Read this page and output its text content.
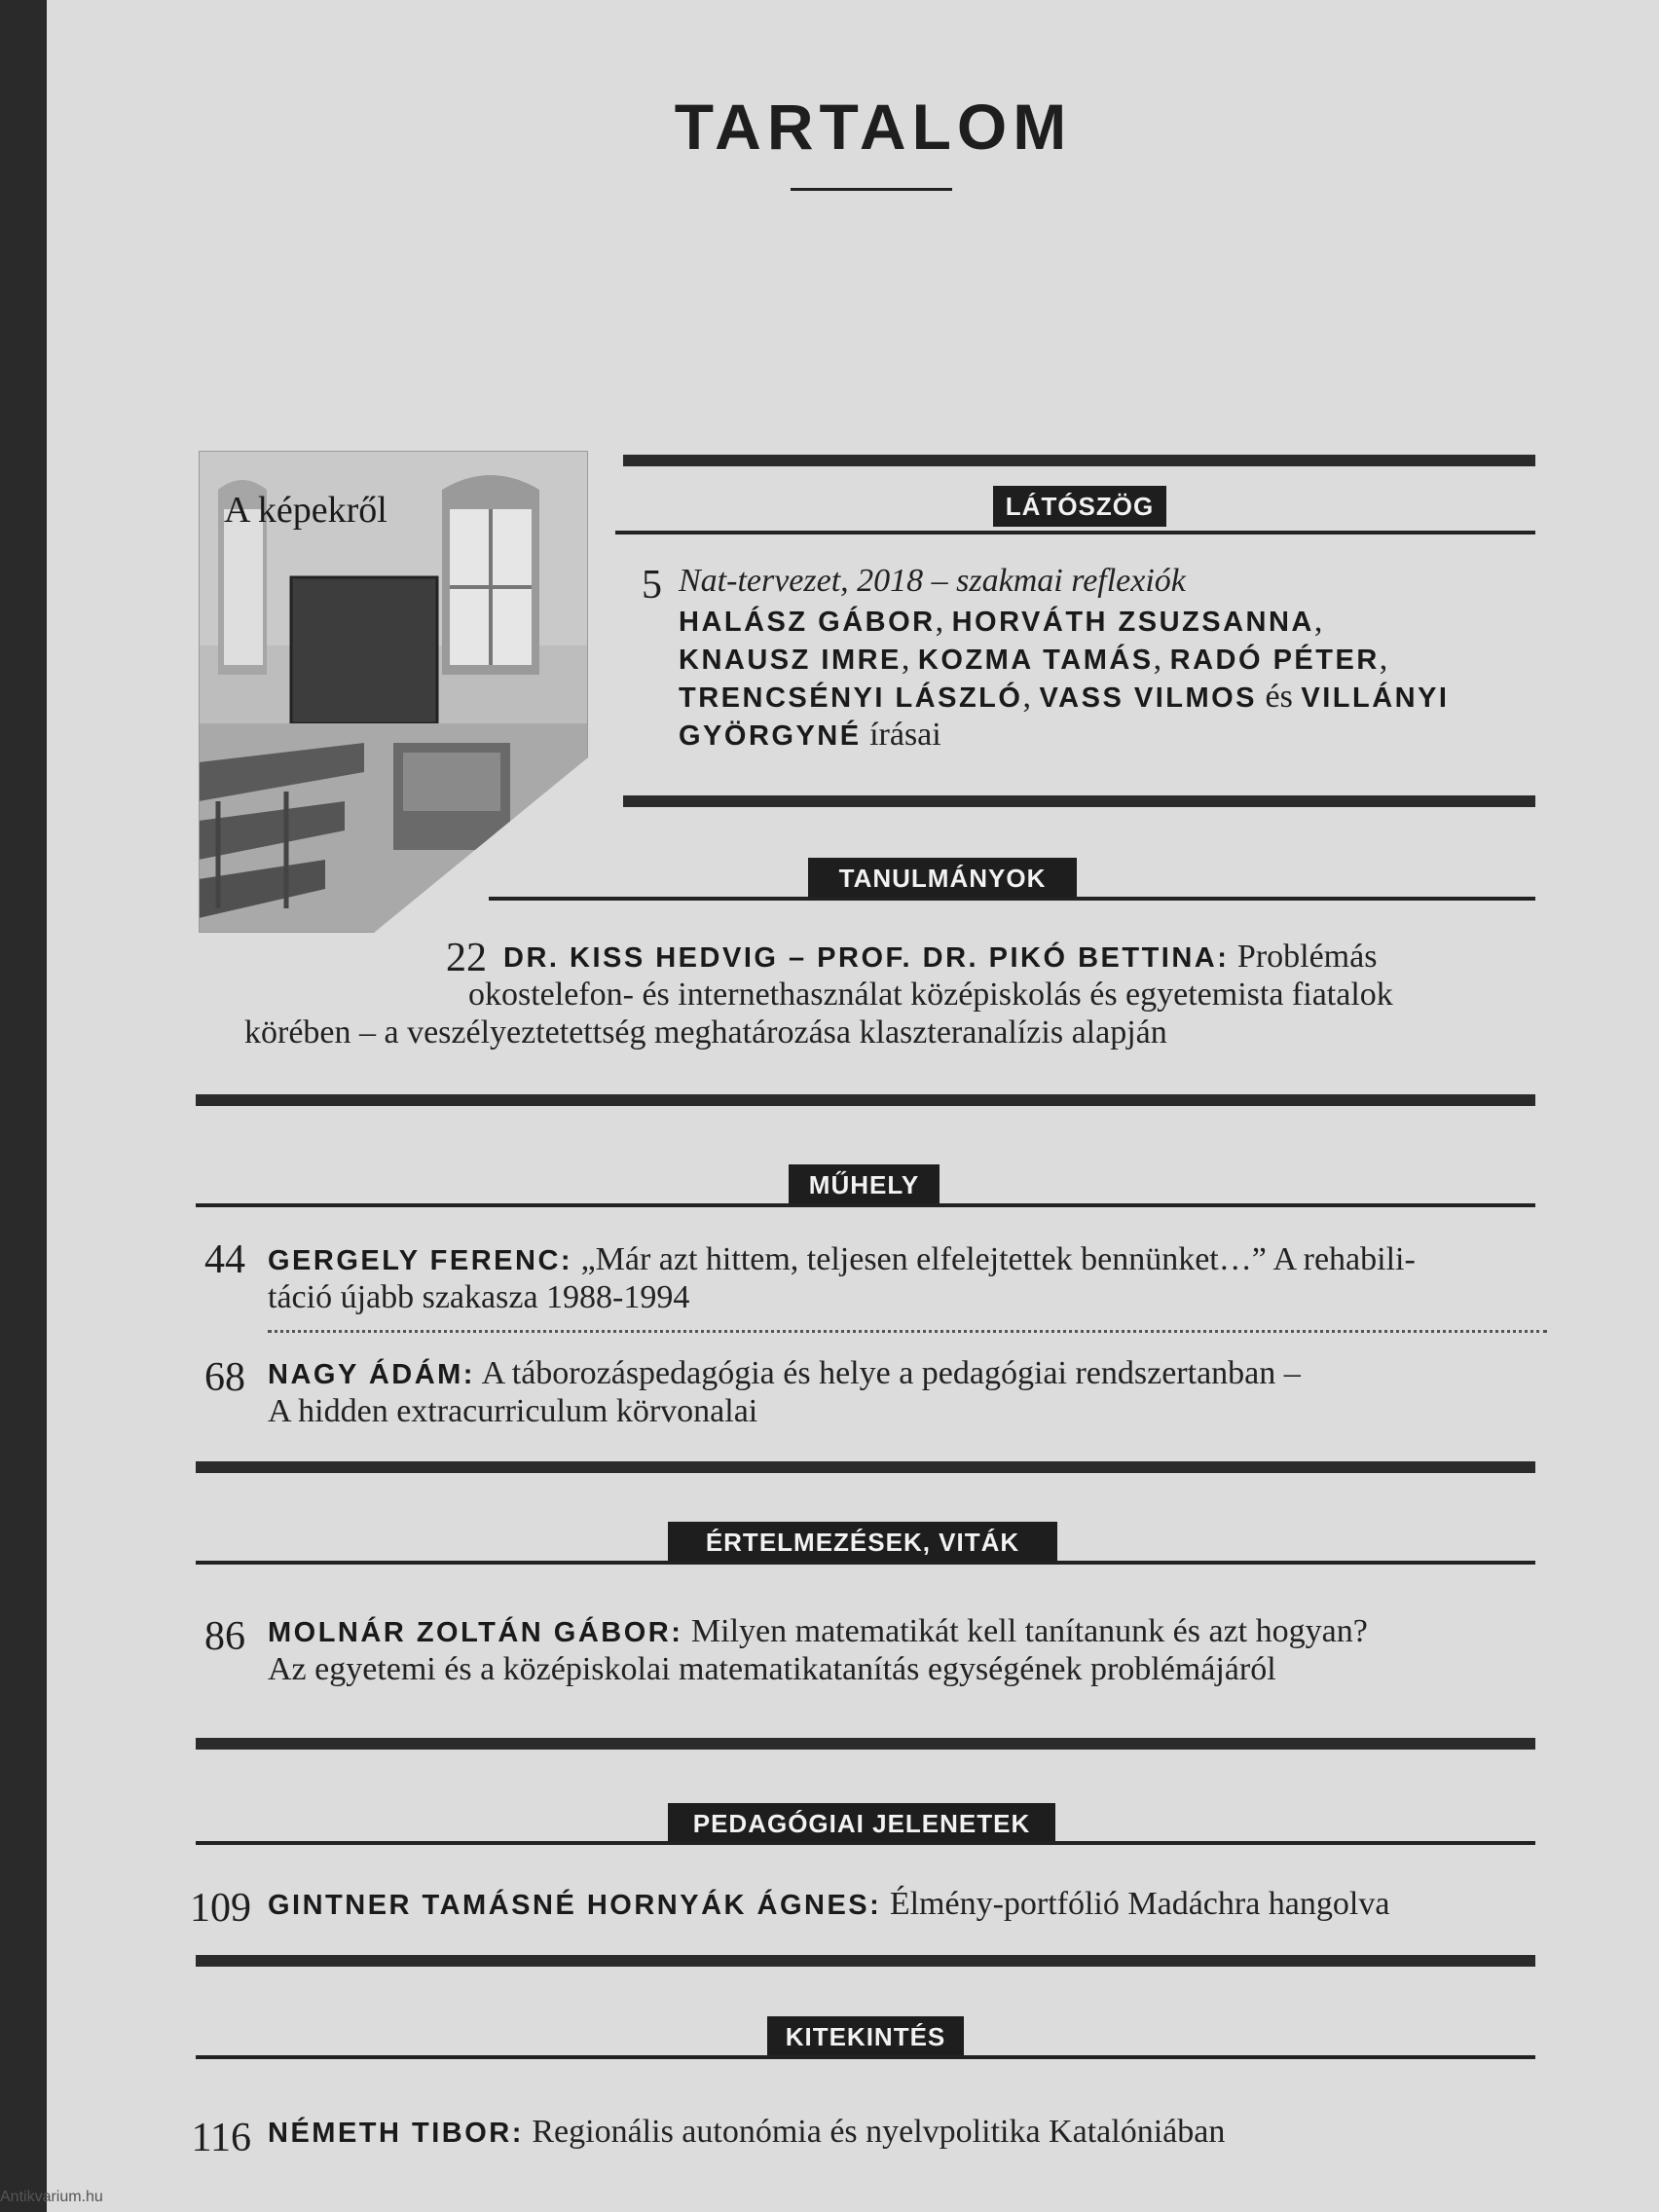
TARTALOM
A képekről	LÁTÓSZÖG
5 Nat-tervezet, 2018 – szakmai reflexiók
HALÁSZ GÁBOR, HORVÁTH ZSUZSANNA,
KNAUSZ IMRE, KOZMA TAMÁS, RADÓ PÉTER,
TRENCSÉNYI LÁSZLÓ, VASS VILMOS és VILLÁNYI
GYÖRGYNÉ írásai
TANULMÁNYOK
22 DR. KISS HEDVIG – PROF. DR. PIKÓ BETTINA: Problémás
okostelefon- és internethasználat középiskolás és egyetemista fiatalok
körében – a veszélyeztetettség meghatározása klaszteranalízis alapján
MŰHELY
44 GERGELY FERENC: „Már azt hittem, teljesen elfelejtettek bennünket…” A rehabili-
táció újabb szakasza 1988-1994
68 NAGY ÁDÁM: A táborozáspedagógia és helye a pedagógiai rendszertanban –
A hidden extracurriculum körvonalai
ÉRTELMEZÉSEK, VITÁK
86 MOLNÁR ZOLTÁN GÁBOR: Milyen matematikát kell tanítanunk és azt hogyan?
Az egyetemi és a középiskolai matematikatanítás egységének problémájáról
PEDAGÓGIAI JELENETEK
109 GINTNER TAMÁSNÉ HORNYÁK ÁGNES: Élmény-portfólió Madáchra hangolva
KITEKINTÉS
116 NÉMETH TIBOR: Regionális autonómia és nyelvpolitika Katalóniában
Antikvarium.hu
